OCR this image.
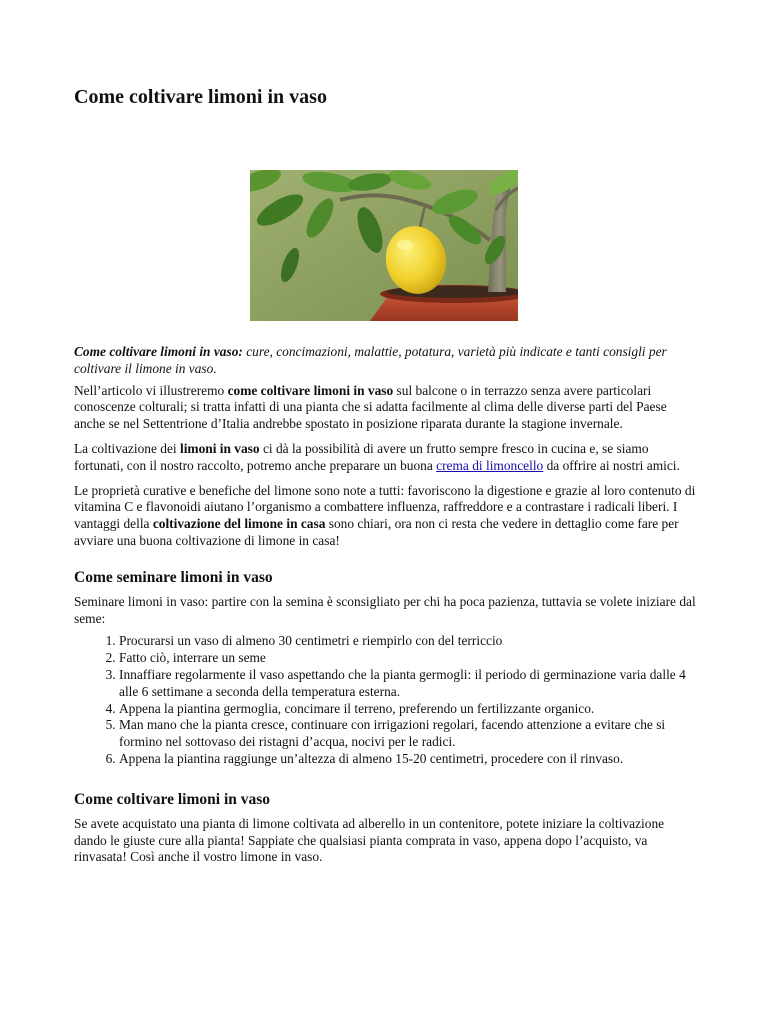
Come coltivare limoni in vaso

Come coltivare limoni in vaso: cure, concimazioni, malattie, potatura, varietà più indicate e tanti consigli per coltivare il limone in vaso.

Nell’articolo vi illustreremo come coltivare limoni in vaso sul balcone o in terrazzo senza avere particolari conoscenze colturali; si tratta infatti di una pianta che si adatta facilmente al clima delle diverse parti del Paese anche se nel Settentrione d’Italia andrebbe spostato in posizione riparata durante la stagione invernale.

La coltivazione dei limoni in vaso ci dà la possibilità di avere un frutto sempre fresco in cucina e, se siamo fortunati, con il nostro raccolto, potremo anche preparare un buona crema di limoncello da offrire ai nostri amici.

Le proprietà curative e benefiche del limone sono note a tutti: favoriscono la digestione e grazie al loro contenuto di vitamina C e flavonoidi aiutano l’organismo a combattere influenza, raffreddore e a contrastare i radicali liberi. I vantaggi della coltivazione del limone in casa sono chiari, ora non ci resta che vedere in dettaglio come fare per avviare una buona coltivazione di limone in casa!

Come seminare limoni in vaso

Seminare limoni in vaso: partire con la semina è sconsigliato per chi ha poca pazienza, tuttavia se volete iniziare dal seme:

1. Procurarsi un vaso di almeno 30 centimetri e riempirlo con del terriccio
2. Fatto ciò, interrare un seme
3. Innaffiare regolarmente il vaso aspettando che la pianta germogli: il periodo di germinazione varia dalle 4 alle 6 settimane a seconda della temperatura esterna.
4. Appena la piantina germoglia, concimare il terreno, preferendo un fertilizzante organico.
5. Man mano che la pianta cresce, continuare con irrigazioni regolari, facendo attenzione a evitare che si formino nel sottovaso dei ristagni d’acqua, nocivi per le radici.
6. Appena la piantina raggiunge un’altezza di almeno 15-20 centimetri, procedere con il rinvaso.
Come coltivare limoni in vaso

Se avete acquistato una pianta di limone coltivata ad alberello in un contenitore, potete iniziare la coltivazione dando le giuste cure alla pianta! Sappiate che qualsiasi pianta comprata in vaso, appena dopo l’acquisto, va rinvasata! Così anche il vostro limone in vaso.
